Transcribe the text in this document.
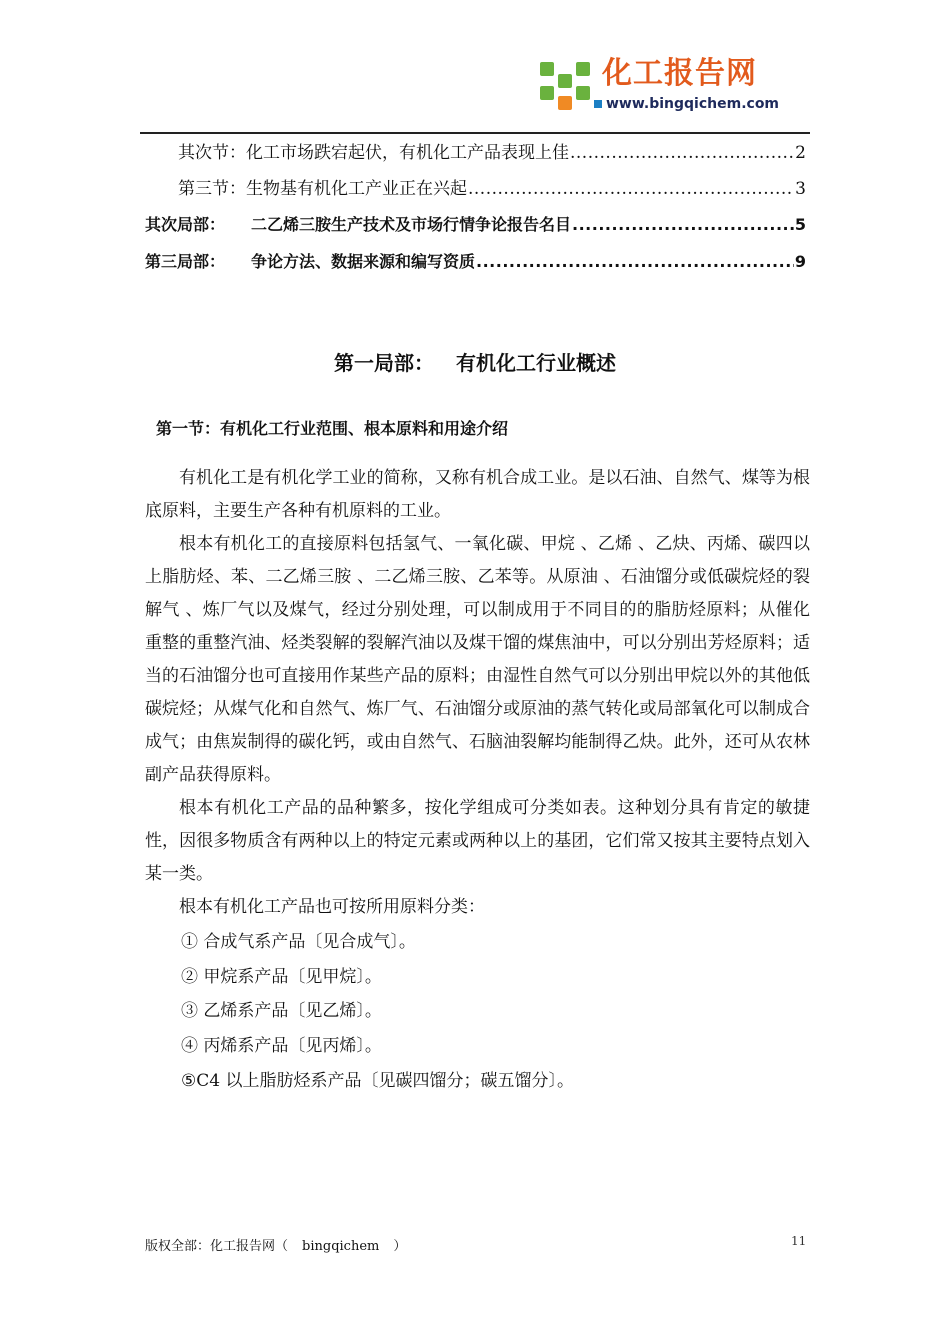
化工报告网
www.bingqichem.com
其次节：化工市场跌宕起伏，有机化工产品表现上佳 .....	2
第三节：生物基有机化工产业正在兴起 .....	3
其次局部：	二乙烯三胺生产技术及市场行情争论报告名目 .....	5
第三局部：	争论方法、数据来源和编写资质 .....	9
第一局部： 有机化工行业概述
第一节：有机化工行业范围、根本原料和用途介绍

有机化工是有机化学工业的简称，又称有机合成工业。是以石油、自然气、煤等为根底原料，主要生产各种有机原料的工业。

根本有机化工的直接原料包括氢气、一氧化碳、甲烷 、乙烯 、乙炔、丙烯、碳四以上脂肪烃、苯、二乙烯三胺 、二乙烯三胺、乙苯等。从原油 、石油馏分或低碳烷烃的裂解气 、炼厂气以及煤气，经过分别处理，可以制成用于不同目的的脂肪烃原料；从催化重整的重整汽油、烃类裂解的裂解汽油以及煤干馏的煤焦油中，可以分别出芳烃原料；适当的石油馏分也可直接用作某些产品的原料；由湿性自然气可以分别出甲烷以外的其他低碳烷烃；从煤气化和自然气、炼厂气、石油馏分或原油的蒸气转化或局部氧化可以制成合成气；由焦炭制得的碳化钙，或由自然气、石脑油裂解均能制得乙炔。此外，还可从农林副产品获得原料。

根本有机化工产品的品种繁多，按化学组成可分类如表。这种划分具有肯定的敏捷性，因很多物质含有两种以上的特定元素或两种以上的基团，它们常又按其主要特点划入某一类。

根本有机化工产品也可按所用原料分类：

① 合成气系产品〔见合成气〕。
② 甲烷系产品〔见甲烷〕。
③ 乙烯系产品〔见乙烯〕。
④ 丙烯系产品〔见丙烯〕。
⑤C4 以上脂肪烃系产品〔见碳四馏分；碳五馏分〕。
版权全部：化工报告网（ bingqichem ）	11
